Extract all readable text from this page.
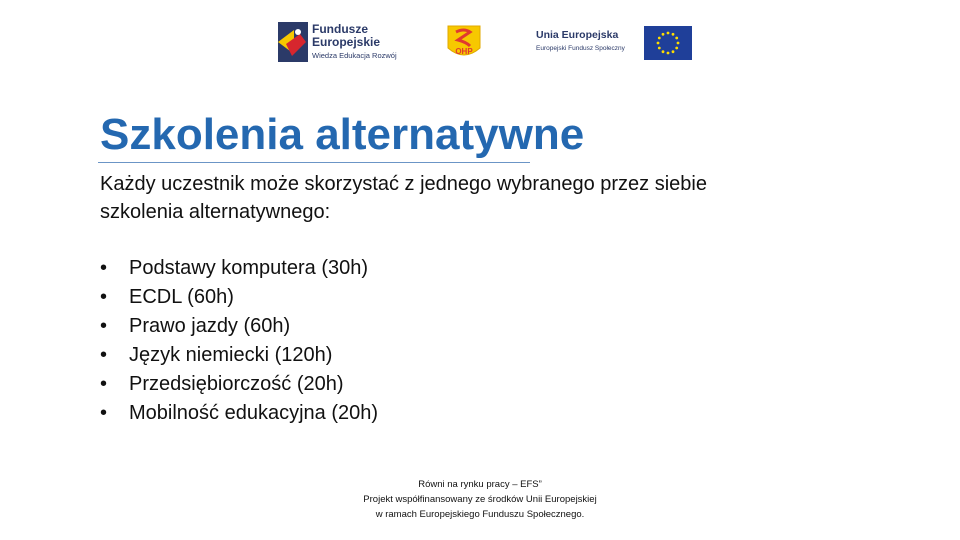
Fundusze
Europejskie
Wiedza Edukacja Rozwój	OHP
Unia Europejska
Europejski Fundusz Społeczny
Szkolenia alternatywne

Każdy uczestnik może skorzystać z jednego wybranego przez siebie

szkolenia alternatywnego:

•	Podstawy komputera (30h)
•	ECDL (60h)
•	Prawo jazdy (60h)
•	Język niemiecki (120h)
•	Przedsiębiorczość (20h)
•	Mobilność edukacyjna (20h)

Równi na rynku pracy – EFS”

Projekt współfinansowany ze środków Unii Europejskiej

w ramach Europejskiego Funduszu Społecznego.
